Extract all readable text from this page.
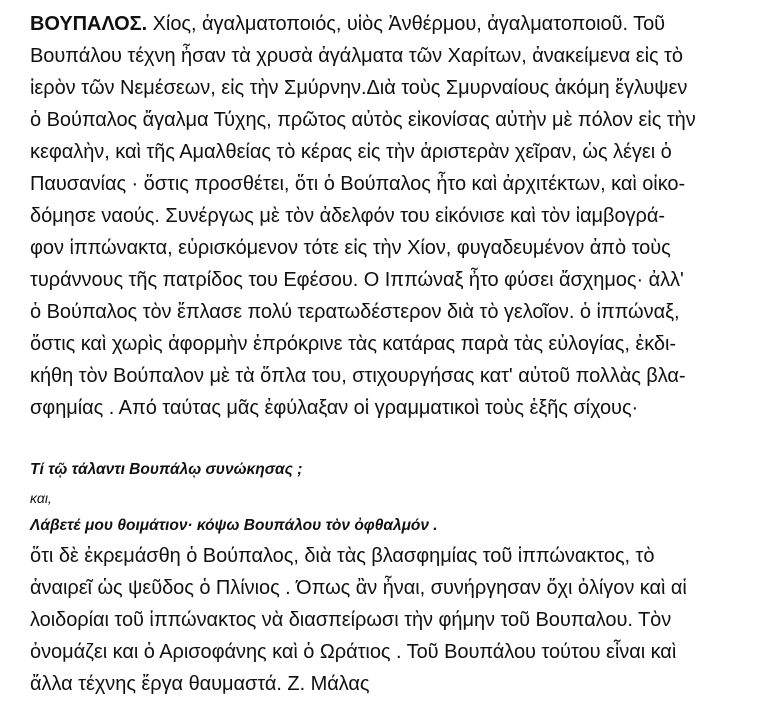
ΒΟΥΠΑΛΟΣ. Χίος, ἀγαλματοποιός, υἱὸς Ἀνθέρμου, ἀγαλματοποιοῦ. Τοῦ
Βουπάλου τέχνη ἦσαν τὰ χρυσὰ ἀγάλματα τῶν Χαρίτων, ἀνακείμενα εἰς τὸ
ἱερὸν τῶν Νεμέσεων, εἰς τὴν Σμύρνην.Διὰ τοὺς Σμυρναίους ἀκόμη ἔγλυψεν
ὁ Βούπαλος ἄγαλμα Τύχης, πρῶτος αὐτὸς εἰκονίσας αὐτὴν μὲ πόλον εἰς τὴν
κεφαλὴν, καὶ τῆς Αμαλθείας τὸ κέρας εἰς τὴν ἀριστερὰν χεῖραν, ὡς λέγει ὁ
Παυσανίας · ὅστις προσθέτει, ὅτι ὁ Βούπαλος ἦτο καὶ ἀρχιτέκτων, καὶ οἰκο-
δόμησε ναούς. Συνέργως μὲ τὸν ἀδελφόν του εἰκόνισε καὶ τὸν ἰαμβογρά-
φον ἱππώνακτα, εὑρισκόμενον τότε εἰς τὴν Χίον, φυγαδευμένον ἀπὸ τοὺς
τυράννους τῆς πατρίδος του Εφέσου. Ο Ιππώναξ ἦτο φύσει ἄσχημος· ἀλλ'
ὁ Βούπαλος τὸν ἔπλασε πολύ τερατωδέστερον διὰ τὸ γελοῖον. ὁ ἱππώναξ,
ὅστις καὶ χωρὶς ἀφορμὴν ἐπρόκρινε τὰς κατάρας παρὰ τὰς εὐλογίας, ἐκδι-
κήθη τὸν Βούπαλον μὲ τὰ ὅπλα του, στιχουργήσας κατ' αὐτοῦ πολλὰς βλα-
σφημίας . Από ταύτας μᾶς ἐφύλαξαν οἱ γραμματικοὶ τοὺς ἑξῆς σίχους·
Τί τῷ τάλαντι Βουπάλῳ συνώκησας ;
και,
Λάβετέ μου θοιμάτιον· κόψω Βουπάλου τὸν ὀφθαλμόν .
ὅτι δὲ ἐκρεμάσθη ὁ Βούπαλος, διὰ τὰς βλασφημίας τοῦ ἱππώνακτος, τὸ
ἀναιρεῖ ὡς ψεῦδος ὁ Πλίνιος . Όπως ἂν ἦναι, συνήργησαν ὄχι ὀλίγον καὶ αἱ
λοιδορίαι τοῦ ἱππώνακτος νὰ διασπείρωσι τὴν φήμην τοῦ Βουπαλου. Τὸν
ὀνομάζει και ὁ Αρισοφάνης καὶ ὁ Ωράτιος . Τοῦ Βουπάλου τούτου εἶναι καὶ
ἄλλα τέχνης ἔργα θαυμαστά. Ζ. Μάλας
